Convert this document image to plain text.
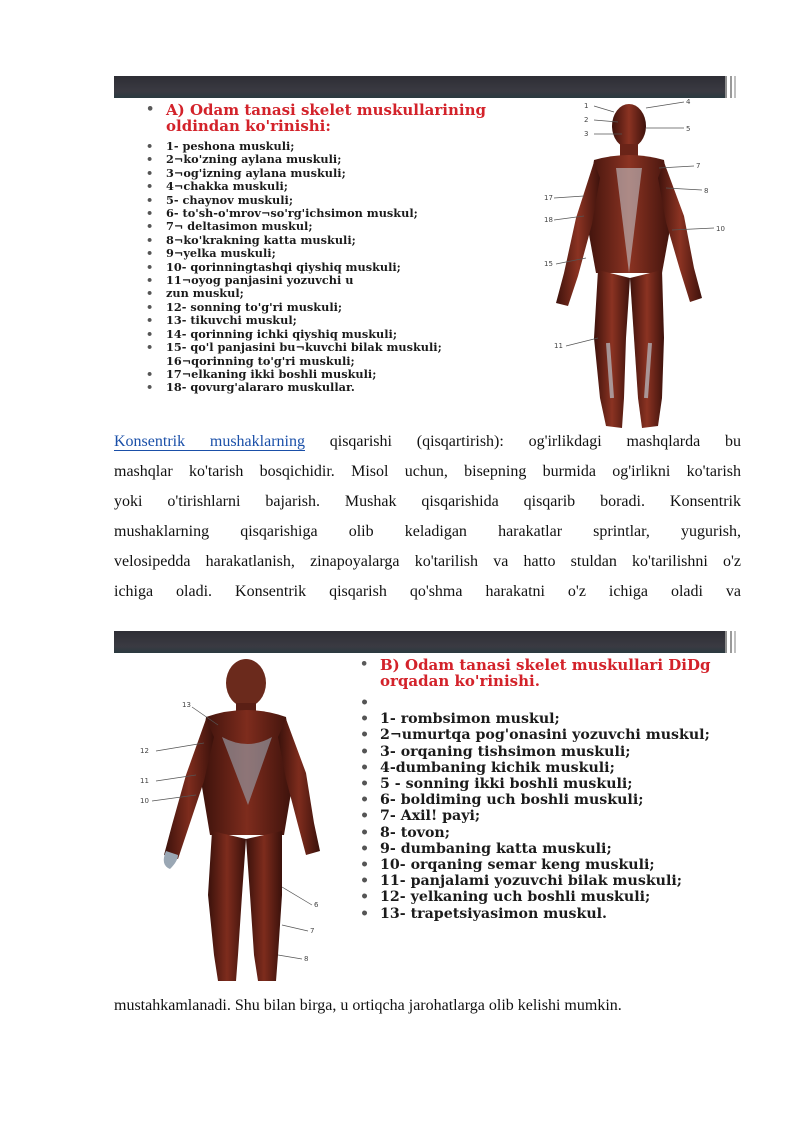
• A) Odam tanasi skelet muskullarining oldindan ko'rinishi:
• 1- peshona muskuli;
• 2¬ko'zning aylana muskuli;
• 3¬og'izning aylana muskuli;
• 4¬chakka muskuli;
• 5- chaynov muskuli;
• 6- to'sh-o'mrov¬so'rg'ichsimon muskul;
• 7¬ deltasimon muskul;
• 8¬ko'krakning katta muskuli;
• 9¬yelka muskuli;
• 10- qorinningtashqi qiyshiq muskuli;
• 11¬oyog panjasini yozuvchi u
• zun muskul;
• 12- sonning to'g'ri muskuli;
• 13- tikuvchi muskul;
• 14- qorinning ichki qiyshiq muskuli;
• 15- qo'l panjasini bu¬kuvchi bilak muskuli;
16¬qorinning to'g'ri muskuli;
• 17¬elkaning ikki boshli muskuli;
• 18- qovurg'alararo muskullar.
1
2
3
4
5
7
8
10
17
18
15
11
Konsentrik mushaklarning qisqarishi (qisqartirish): og'irlikdagi mashqlarda bu
mashqlar ko'tarish bosqichidir. Misol uchun, bisepning burmida og'irlikni ko'tarish
yoki o'tirishlarni bajarish. Mushak qisqarishida qisqarib boradi. Konsentrik
mushaklarning qisqarishiga olib keladigan harakatlar sprintlar, yugurish,
velosipedda harakatlanish, zinapoyalarga ko'tarilish va hatto stuldan ko'tarilishni o'z
ichiga oladi. Konsentrik qisqarish qo'shma harakatni o'z ichiga oladi va
13
12
11
10
6
7
8
• B) Odam tanasi skelet muskullari DiDg orqadan ko'rinishi.
•

• 1- rombsimon muskul;
• 2¬umurtqa pog'onasini yozuvchi muskul;
• 3- orqaning tishsimon muskuli;
• 4-dumbaning kichik muskuli;
• 5 - sonning ikki boshli muskuli;
• 6- boldiming uch boshli muskuli;
• 7- Axil! payi;
• 8- tovon;
• 9- dumbaning katta muskuli;
• 10- orqaning semar keng muskuli;
• 11- panjalami yozuvchi bilak muskuli;
• 12- yelkaning uch boshli muskuli;
• 13- trapetsiyasimon muskul.
mustahkamlanadi. Shu bilan birga, u ortiqcha jarohatlarga olib kelishi mumkin.
